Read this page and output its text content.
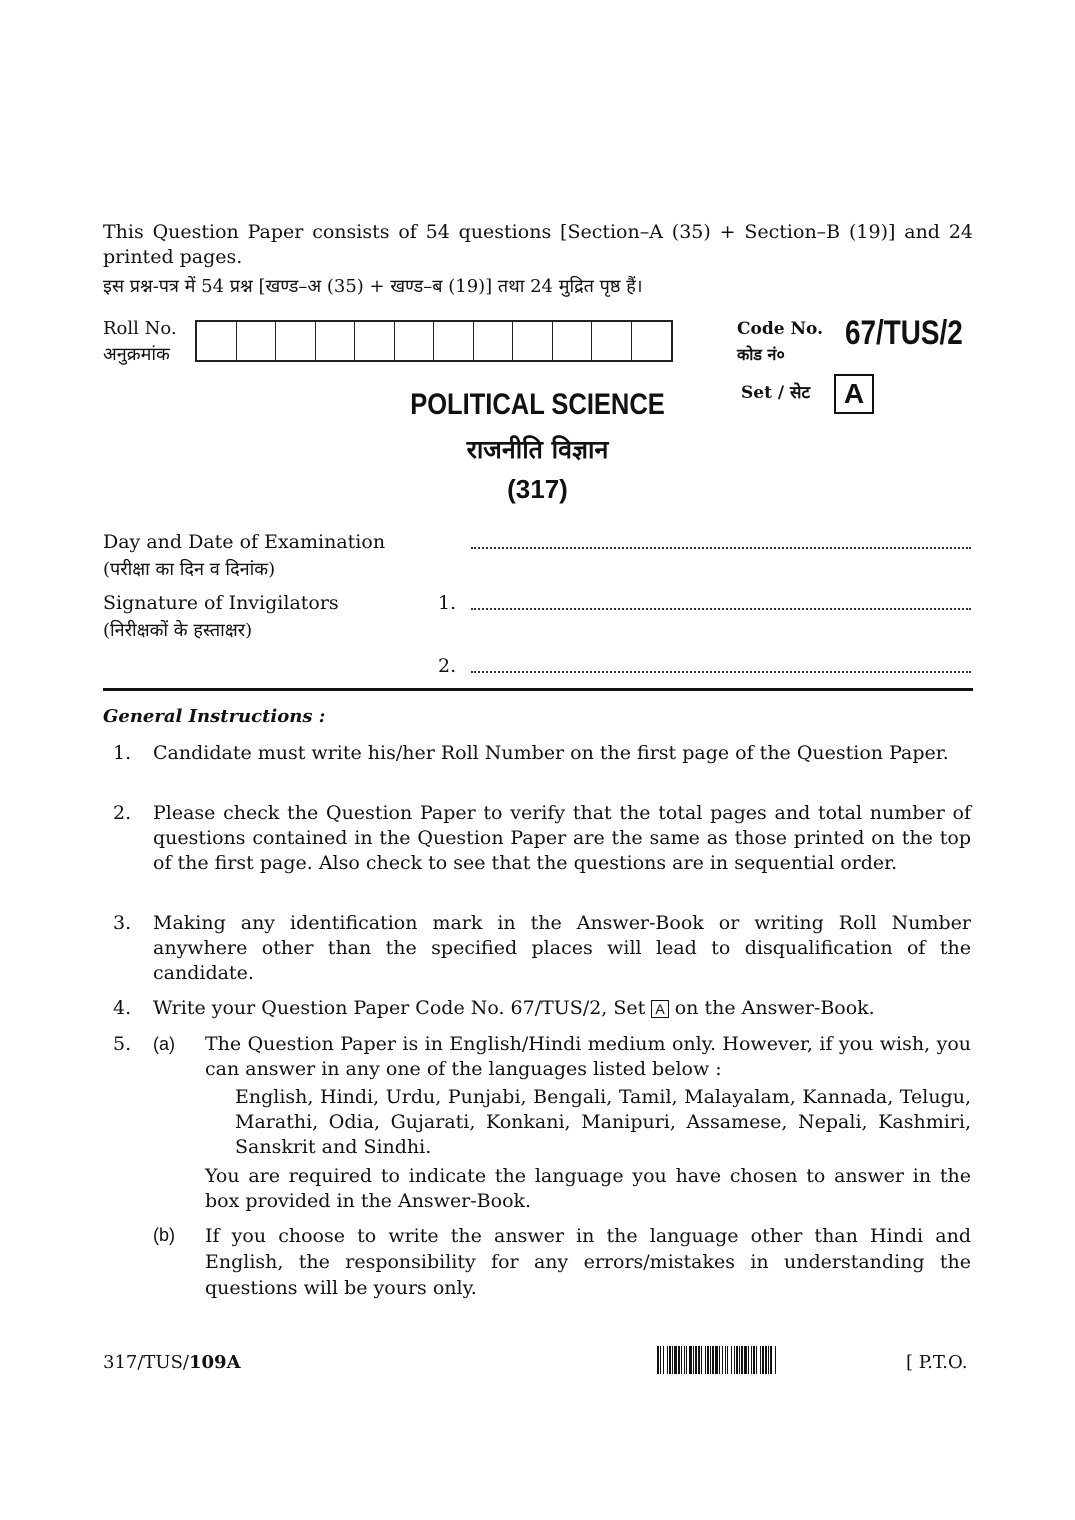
This Question Paper consists of 54 questions [Section–A (35) + Section–B (19)] and 24 printed pages.
इस प्रश्न-पत्र में 54 प्रश्न [खण्ड–अ (35) + खण्ड–ब (19)] तथा 24 मुद्रित पृष्ठ हैं।
Roll No.
अनुक्रमांक
Code No.
कोड नं०
67/TUS/2
Set / सेट	A
POLITICAL SCIENCE
राजनीति विज्ञान
(317)
Day and Date of Examination
(परीक्षा का दिन व दिनांक)
Signature of Invigilators
(निरीक्षकों के हस्ताक्षर)
1.
2.
General Instructions :
1. Candidate must write his/her Roll Number on the first page of the Question Paper.
2. Please check the Question Paper to verify that the total pages and total number of questions contained in the Question Paper are the same as those printed on the top of the first page. Also check to see that the questions are in sequential order.
3. Making any identification mark in the Answer-Book or writing Roll Number anywhere other than the specified places will lead to disqualification of the candidate.
4. Write your Question Paper Code No. 67/TUS/2, Set A on the Answer-Book.
5. (a) The Question Paper is in English/Hindi medium only. However, if you wish, you can answer in any one of the languages listed below :
English, Hindi, Urdu, Punjabi, Bengali, Tamil, Malayalam, Kannada, Telugu, Marathi, Odia, Gujarati, Konkani, Manipuri, Assamese, Nepali, Kashmiri, Sanskrit and Sindhi.
You are required to indicate the language you have chosen to answer in the box provided in the Answer-Book.
(b) If you choose to write the answer in the language other than Hindi and English, the responsibility for any errors/mistakes in understanding the questions will be yours only.
317/TUS/109A	[ P.T.O.
